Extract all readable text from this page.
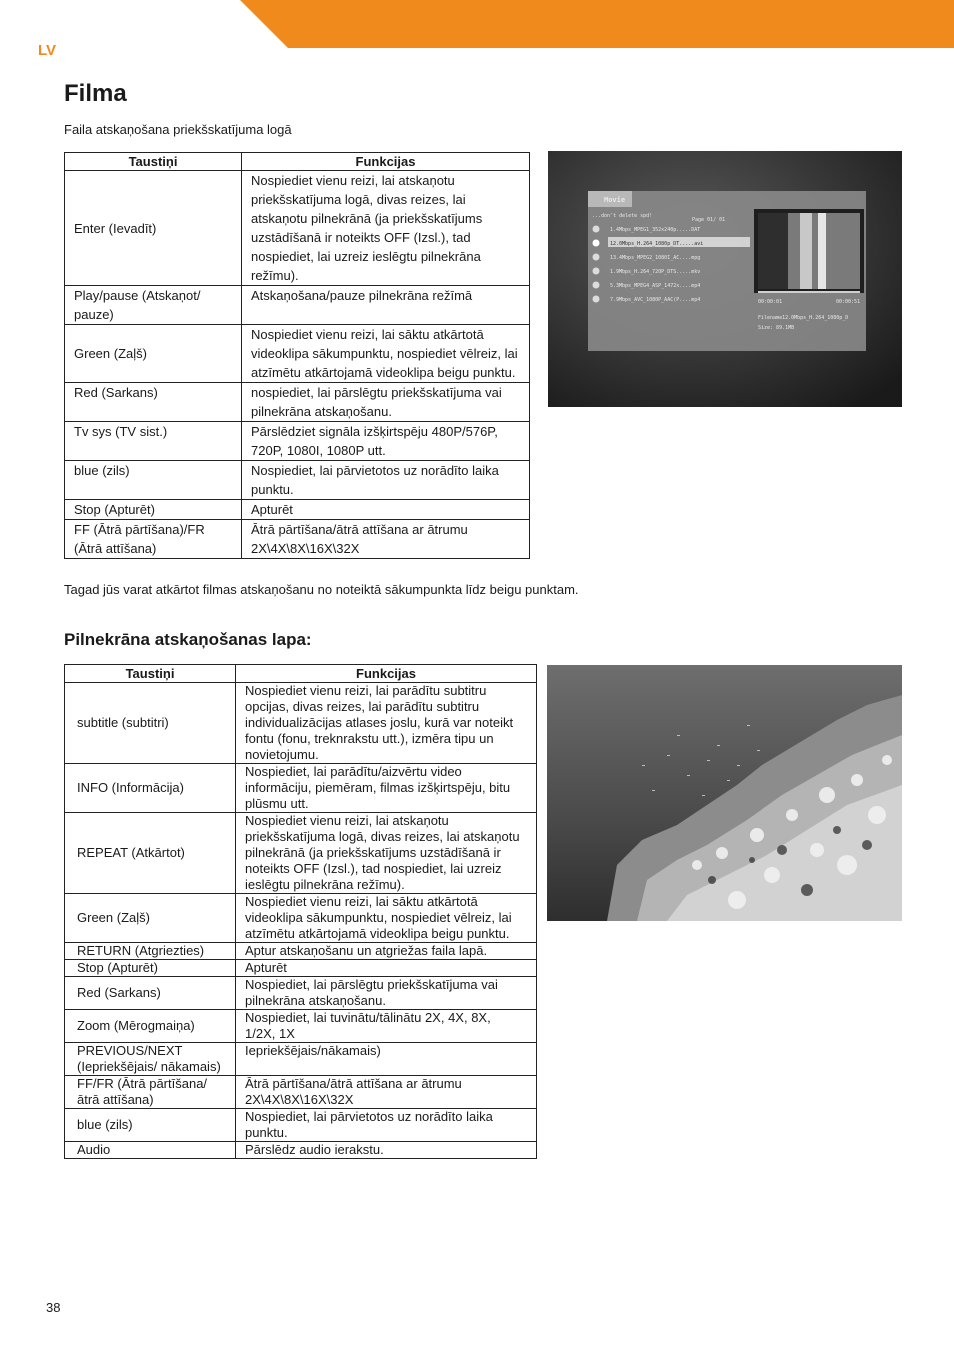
LV
Filma
Faila atskaņošana priekšskatījuma logā
Taustiņi	Funkcijas
Enter (Ievadīt)	Nospiediet vienu reizi, lai atskaņotu priekšskatījuma logā, divas reizes, lai atskaņotu pilnekrānā (ja priekšskatījums uzstādīšanā ir noteikts OFF (Izsl.), tad nospiediet, lai uzreiz ieslēgtu pilnekrāna režīmu).
Play/pause (Atskaņot/ pauze)	Atskaņošana/pauze pilnekrāna režīmā
Green (Zaļš)	Nospiediet vienu reizi, lai sāktu atkārtotā videoklipa sākumpunktu, nospiediet vēlreiz, lai atzīmētu atkārtojamā videoklipa beigu punktu.
Red (Sarkans)	nospiediet, lai pārslēgtu priekšskatījuma vai pilnekrāna atskaņošanu.
Tv sys (TV sist.)	Pārslēdziet signāla izšķirtspēju 480P/576P, 720P, 1080I, 1080P utt.
blue (zils)	Nospiediet, lai pārvietotos uz norādīto laika punktu.
Stop (Apturēt)	Apturēt
FF (Ātrā pārtīšana)/FR (Ātrā attīšana)	Ātrā pārtīšana/ātrā attīšana ar ātrumu 2X\4X\8X\16X\32X
Movie
...don't delete spd!
Page 01/ 01
1.4Mbps_MPEG1_352x240p.....DAT
12.0Mbps_H.264_1080p_DT.....avi
13.4Mbps_MPEG2_1080I_AC....mpg
1.9Mbps_H.264_720P_DTS.....mkv
5.3Mbps_MPEG4_ASP_1472x....mp4
7.9Mbps_AVC_1080P_AAC(P....mp4	00:00:01	00:00:51
Filename12.0Mbps_H.264_1080p_D
Size: 89.1MB
Tagad jūs varat atkārtot filmas atskaņošanu no noteiktā sākumpunkta līdz beigu punktam.
Pilnekrāna atskaņošanas lapa:
Taustiņi	Funkcijas
subtitle (subtitri)	Nospiediet vienu reizi, lai parādītu subtitru opcijas, divas reizes, lai parādītu subtitru individualizācijas atlases joslu, kurā var noteikt fontu (fonu, treknrakstu utt.), izmēra tipu un novietojumu.
INFO (Informācija)	Nospiediet, lai parādītu/aizvērtu video informāciju, piemēram, filmas izšķirtspēju, bitu plūsmu utt.
REPEAT (Atkārtot)	Nospiediet vienu reizi, lai atskaņotu priekšskatījuma logā, divas reizes, lai atskaņotu pilnekrānā (ja priekšskatījums uzstādīšanā ir noteikts OFF (Izsl.), tad nospiediet, lai uzreiz ieslēgtu pilnekrāna režīmu).
Green (Zaļš)	Nospiediet vienu reizi, lai sāktu atkārtotā videoklipa sākumpunktu, nospiediet vēlreiz, lai atzīmētu atkārtojamā videoklipa beigu punktu.
RETURN (Atgriezties)	Aptur atskaņošanu un atgriežas faila lapā.
Stop (Apturēt)	Apturēt
Red (Sarkans)	Nospiediet, lai pārslēgtu priekšskatījuma vai pilnekrāna atskaņošanu.
Zoom (Mērogmaiņa)	Nospiediet, lai tuvinātu/tālinātu 2X, 4X, 8X, 1/2X, 1X
PREVIOUS/NEXT (Iepriekšējais/ nākamais)	Iepriekšējais/nākamais)
FF/FR (Ātrā pārtīšana/ ātrā attīšana)	Ātrā pārtīšana/ātrā attīšana ar ātrumu 2X\4X\8X\16X\32X
blue (zils)	Nospiediet, lai pārvietotos uz norādīto laika punktu.
Audio	Pārslēdz audio ierakstu.
38
